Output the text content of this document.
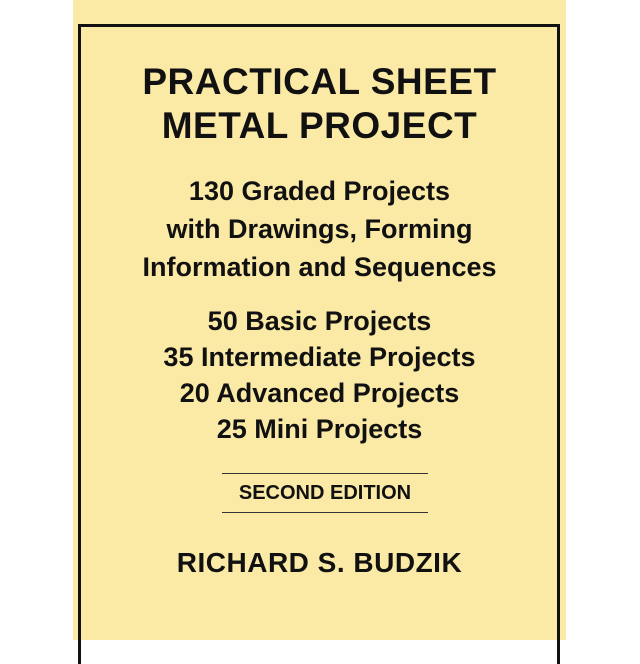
PRACTICAL SHEET
METAL PROJECT
130 Graded Projects
with Drawings, Forming
Information and Sequences
50 Basic Projects
35 Intermediate Projects
20 Advanced Projects
25 Mini Projects
SECOND EDITION
RICHARD S. BUDZIK
